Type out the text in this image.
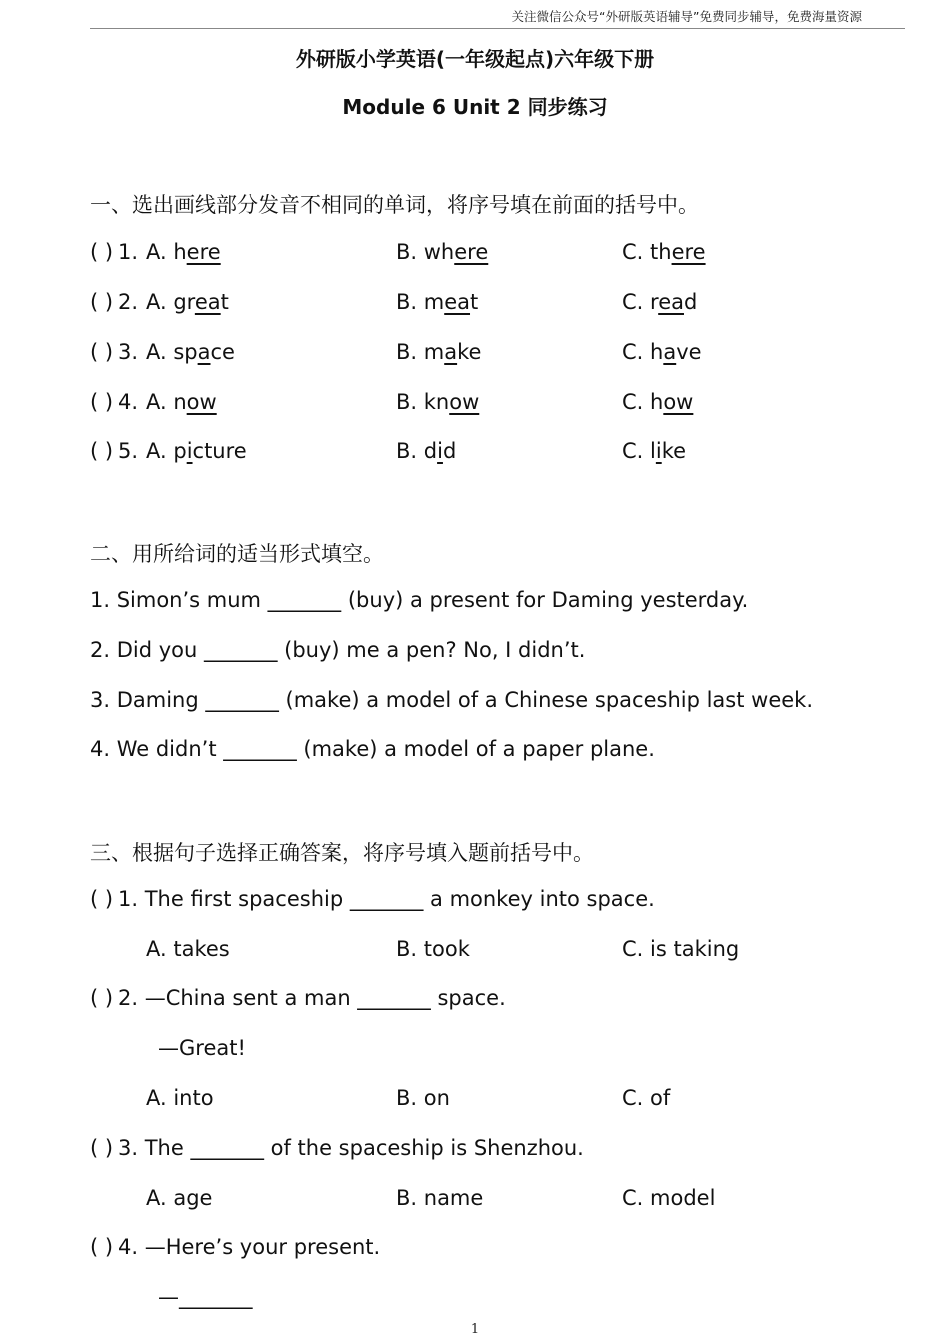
关注微信公众号“外研版英语辅导”免费同步辅导，免费海量资源
外研版小学英语(一年级起点)六年级下册
Module 6 Unit 2 同步练习
一、选出画线部分发音不相同的单词，将序号填在前面的括号中。
( ) 1. A. here	B. where	C. there
( ) 2. A. great	B. meat	C. read
( ) 3. A. space	B. make	C. have
( ) 4. A. now	B. know	C. how
( ) 5. A. picture	B. did	C. like
二、用所给词的适当形式填空。
1. Simon’s mum _______ (buy) a present for Daming yesterday.
2. Did you _______ (buy) me a pen? No, I didn’t.
3. Daming _______ (make) a model of a Chinese spaceship last week.
4. We didn’t _______ (make) a model of a paper plane.
三、根据句子选择正确答案，将序号填入题前括号中。
( ) 1. The first spaceship _______ a monkey into space.
A. takes	B. took	C. is taking
( ) 2. —China sent a man _______ space.
—Great!
A. into	B. on	C. of
( ) 3. The _______ of the spaceship is Shenzhou.
A. age	B. name	C. model
( ) 4. —Here’s your present.
—_______
1
